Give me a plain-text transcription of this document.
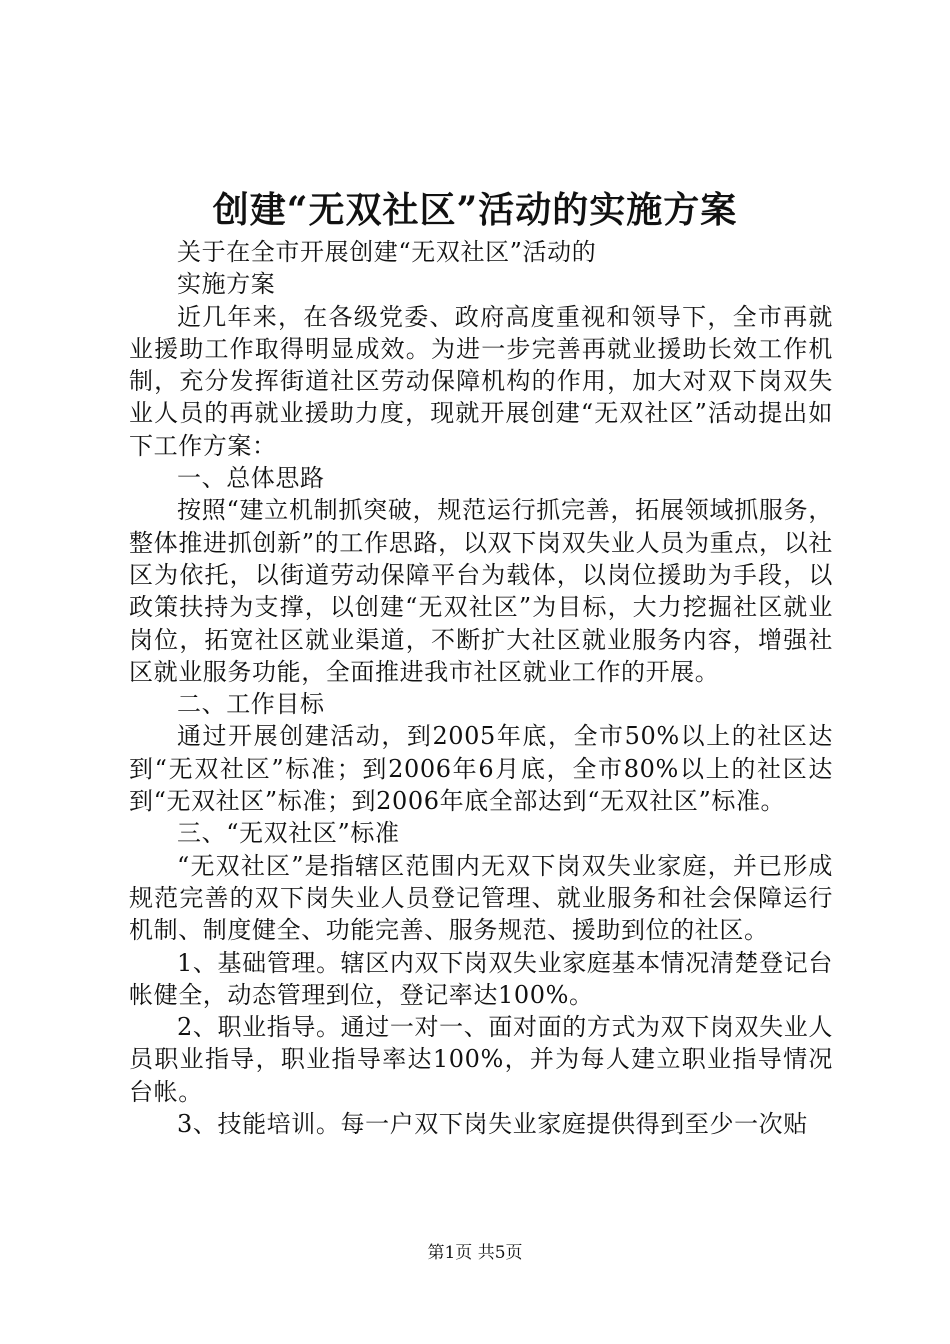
创建“无双社区”活动的实施方案

关于在全市开展创建“无双社区”活动的

实施方案

近几年来，在各级党委、政府高度重视和领导下，全市再就业援助工作取得明显成效。为进一步完善再就业援助长效工作机制，充分发挥街道社区劳动保障机构的作用，加大对双下岗双失业人员的再就业援助力度，现就开展创建“无双社区”活动提出如下工作方案：

一、总体思路

按照“建立机制抓突破，规范运行抓完善，拓展领域抓服务，整体推进抓创新”的工作思路，以双下岗双失业人员为重点，以社区为依托，以街道劳动保障平台为载体，以岗位援助为手段，以政策扶持为支撑，以创建“无双社区”为目标，大力挖掘社区就业岗位，拓宽社区就业渠道，不断扩大社区就业服务内容，增强社区就业服务功能，全面推进我市社区就业工作的开展。

二、工作目标

通过开展创建活动，到2005年底，全市50%以上的社区达到“无双社区”标准；到2006年6月底，全市80%以上的社区达到“无双社区”标准；到2006年底全部达到“无双社区”标准。

三、“无双社区”标准

“无双社区”是指辖区范围内无双下岗双失业家庭，并已形成规范完善的双下岗失业人员登记管理、就业服务和社会保障运行机制、制度健全、功能完善、服务规范、援助到位的社区。

1、基础管理。辖区内双下岗双失业家庭基本情况清楚登记台帐健全，动态管理到位，登记率达100%。

2、职业指导。通过一对一、面对面的方式为双下岗双失业人员职业指导，职业指导率达100%，并为每人建立职业指导情况台帐。

3、技能培训。每一户双下岗失业家庭提供得到至少一次贴

第1页 共5页
